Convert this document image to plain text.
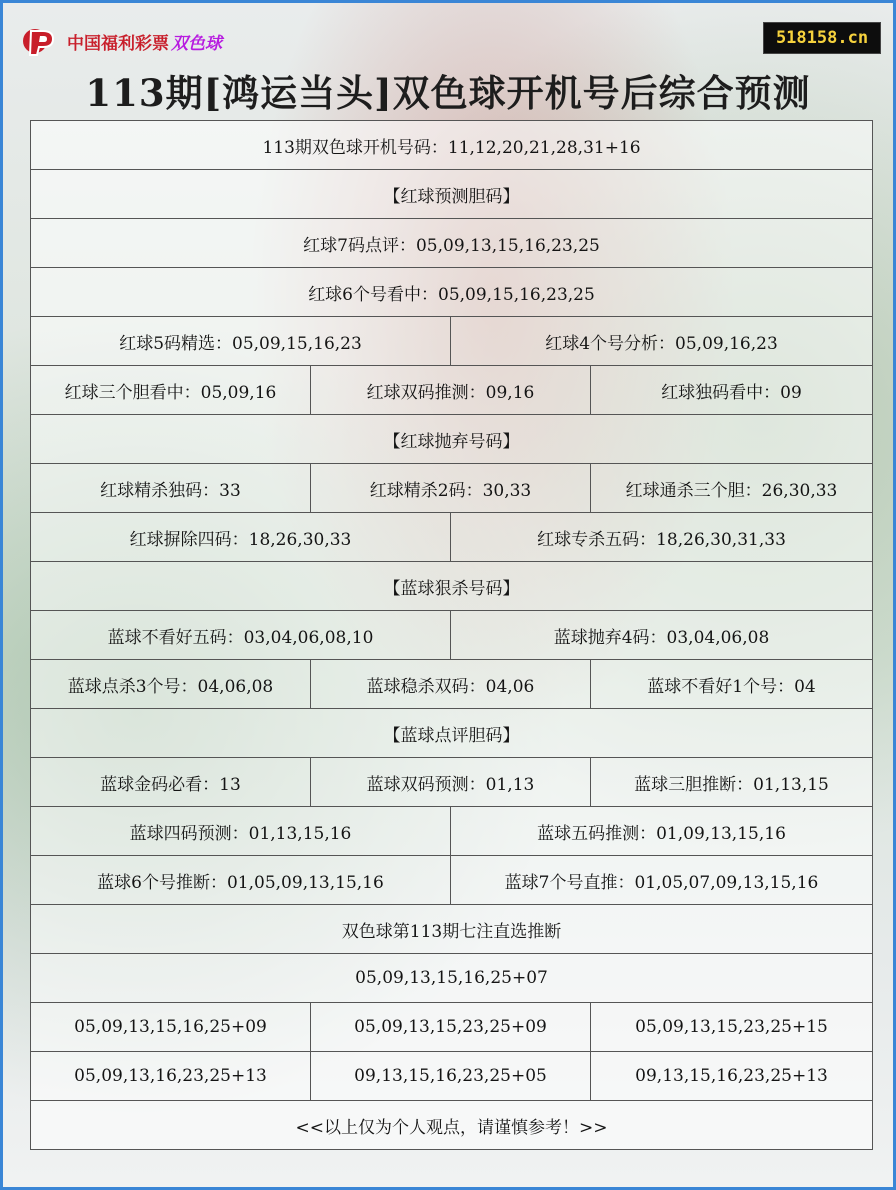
中国福利彩票 双色球	518158.cn
113期[鸿运当头]双色球开机号后综合预测
113期双色球开机号码：11,12,20,21,28,31+16			
【红球预测胆码】			
红球7码点评：05,09,13,15,16,23,25			
红球6个号看中：05,09,15,16,23,25			
红球5码精选：05,09,15,16,23		红球4个号分析：05,09,16,23	
红球三个胆看中：05,09,16	红球双码推测：09,16		红球独码看中：09
【红球抛弃号码】			
红球精杀独码：33	红球精杀2码：30,33		红球通杀三个胆：26,30,33
红球摒除四码：18,26,30,33		红球专杀五码：18,26,30,31,33	
【蓝球狠杀号码】			
蓝球不看好五码：03,04,06,08,10		蓝球抛弃4码：03,04,06,08	
蓝球点杀3个号：04,06,08	蓝球稳杀双码：04,06		蓝球不看好1个号：04
【蓝球点评胆码】			
蓝球金码必看：13	蓝球双码预测：01,13		蓝球三胆推断：01,13,15
蓝球四码预测：01,13,15,16		蓝球五码推测：01,09,13,15,16	
蓝球6个号推断：01,05,09,13,15,16		蓝球7个号直推：01,05,07,09,13,15,16	
双色球第113期七注直选推断			
05,09,13,15,16,25+07			
05,09,13,15,16,25+09	05,09,13,15,23,25+09		05,09,13,15,23,25+15
05,09,13,16,23,25+13	09,13,15,16,23,25+05		09,13,15,16,23,25+13
<<以上仅为个人观点，请谨慎参考！>>			
